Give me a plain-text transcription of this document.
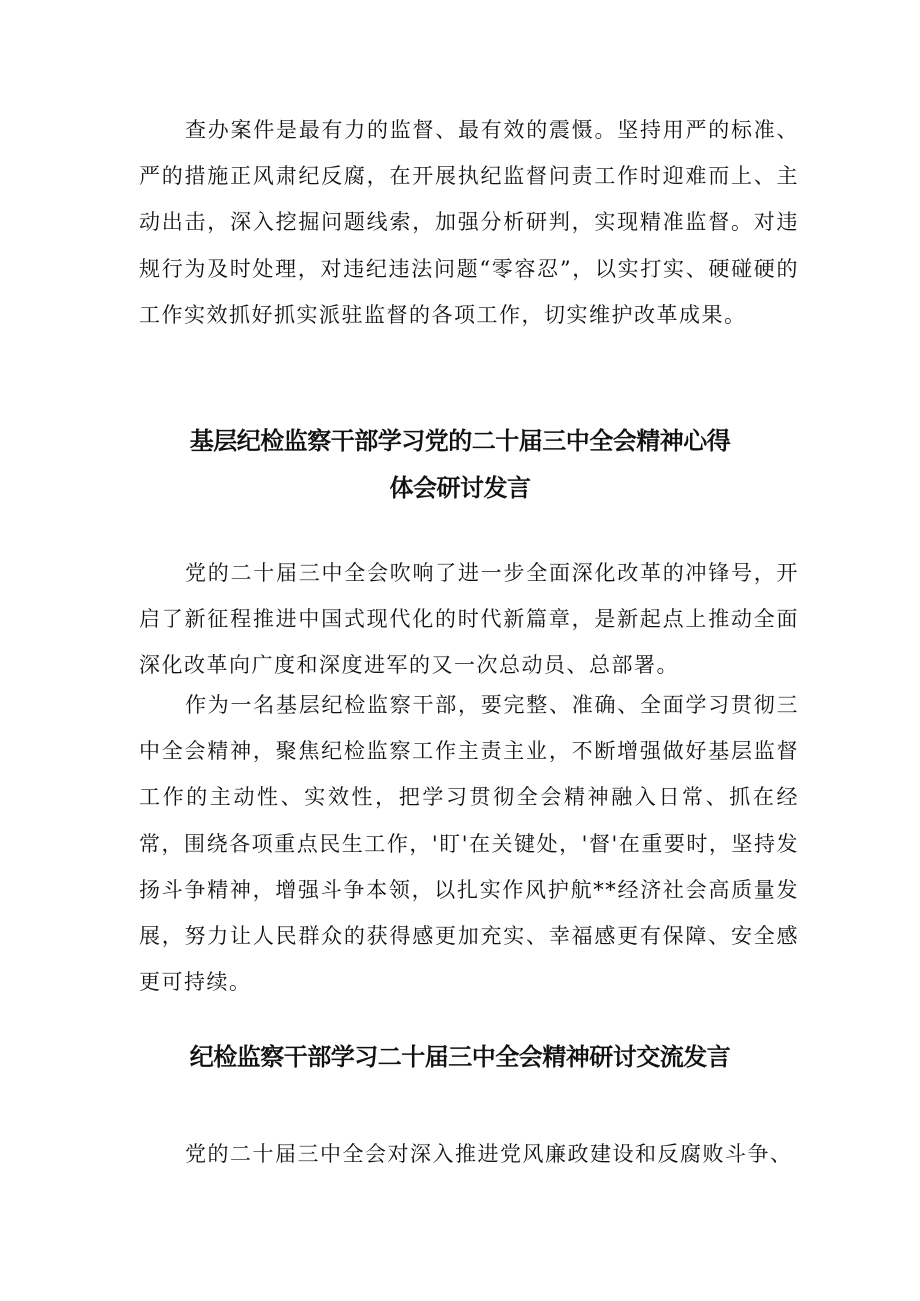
查办案件是最有力的监督、最有效的震慑。坚持用严的标准、严的措施正风肃纪反腐，在开展执纪监督问责工作时迎难而上、主动出击，深入挖掘问题线索，加强分析研判，实现精准监督。对违规行为及时处理，对违纪违法问题“零容忍”，以实打实、硬碰硬的工作实效抓好抓实派驻监督的各项工作，切实维护改革成果。

基层纪检监察干部学习党的二十届三中全会精神心得
体会研讨发言

党的二十届三中全会吹响了进一步全面深化改革的冲锋号，开启了新征程推进中国式现代化的时代新篇章，是新起点上推动全面深化改革向广度和深度进军的又一次总动员、总部署。

作为一名基层纪检监察干部，要完整、准确、全面学习贯彻三中全会精神，聚焦纪检监察工作主责主业，不断增强做好基层监督工作的主动性、实效性，把学习贯彻全会精神融入日常、抓在经常，围绕各项重点民生工作，'盯'在关键处，'督'在重要时，坚持发扬斗争精神，增强斗争本领，以扎实作风护航**经济社会高质量发展，努力让人民群众的获得感更加充实、幸福感更有保障、安全感更可持续。

纪检监察干部学习二十届三中全会精神研讨交流发言

党的二十届三中全会对深入推进党风廉政建设和反腐败斗争、
